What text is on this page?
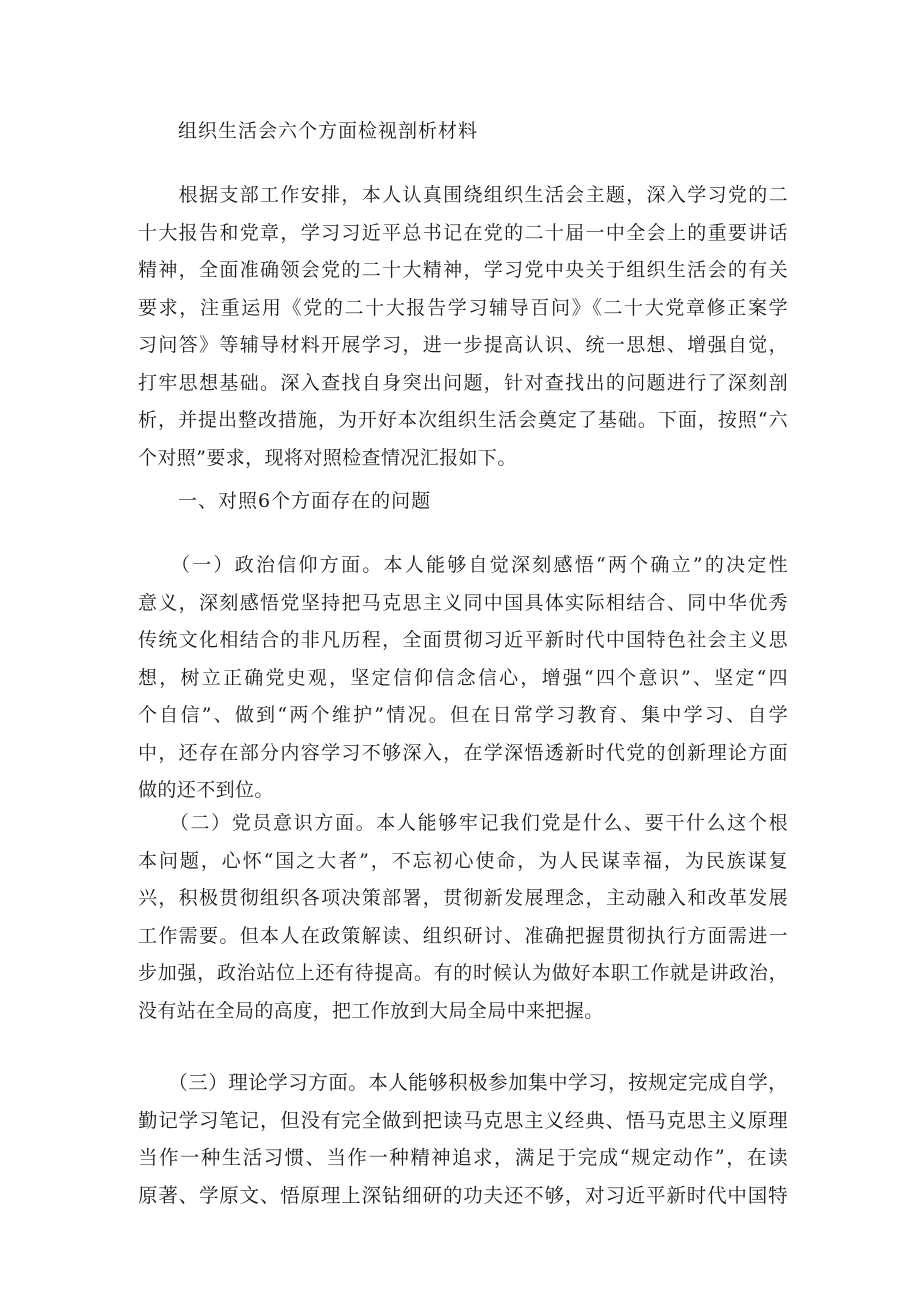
组织生活会六个方面检视剖析材料
　　根据支部工作安排，本人认真围绕组织生活会主题，深入学习党的二
十大报告和党章，学习习近平总书记在党的二十届一中全会上的重要讲话
精神，全面准确领会党的二十大精神，学习党中央关于组织生活会的有关
要求，注重运用《党的二十大报告学习辅导百问》《二十大党章修正案学
习问答》等辅导材料开展学习，进一步提高认识、统一思想、增强自觉，
打牢思想基础。深入查找自身突出问题，针对查找出的问题进行了深刻剖
析，并提出整改措施，为开好本次组织生活会奠定了基础。下面，按照“六
个对照”要求，现将对照检查情况汇报如下。
一、对照6个方面存在的问题
　　（一）政治信仰方面。本人能够自觉深刻感悟“两个确立”的决定性
意义，深刻感悟党坚持把马克思主义同中国具体实际相结合、同中华优秀
传统文化相结合的非凡历程，全面贯彻习近平新时代中国特色社会主义思
想，树立正确党史观，坚定信仰信念信心，增强“四个意识”、坚定“四
个自信”、做到“两个维护”情况。但在日常学习教育、集中学习、自学
中，还存在部分内容学习不够深入，在学深悟透新时代党的创新理论方面
做的还不到位。
　　（二）党员意识方面。本人能够牢记我们党是什么、要干什么这个根
本问题，心怀“国之大者”，不忘初心使命，为人民谋幸福，为民族谋复
兴，积极贯彻组织各项决策部署，贯彻新发展理念，主动融入和改革发展
工作需要。但本人在政策解读、组织研讨、准确把握贯彻执行方面需进一
步加强，政治站位上还有待提高。有的时候认为做好本职工作就是讲政治，
没有站在全局的高度，把工作放到大局全局中来把握。
　　（三）理论学习方面。本人能够积极参加集中学习，按规定完成自学，
勤记学习笔记，但没有完全做到把读马克思主义经典、悟马克思主义原理
当作一种生活习惯、当作一种精神追求，满足于完成“规定动作”，在读
原著、学原文、悟原理上深钻细研的功夫还不够，对习近平新时代中国特
